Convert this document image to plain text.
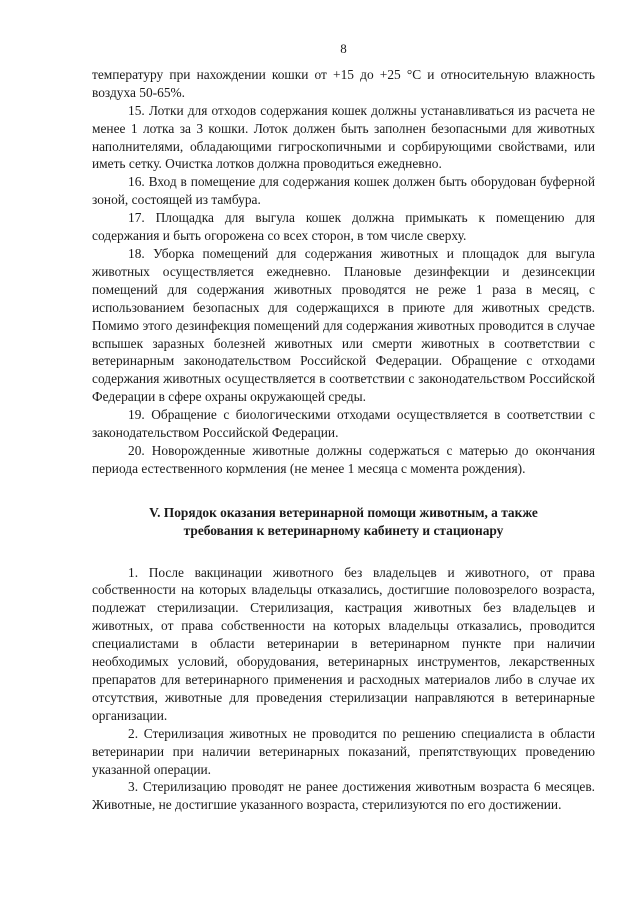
8

температуру при нахождении кошки от +15 до +25 °С и относительную влажность воздуха 50-65%.

15. Лотки для отходов содержания кошек должны устанавливаться из расчета не менее 1 лотка за 3 кошки. Лоток должен быть заполнен безопасными для животных наполнителями, обладающими гигроскопичными и сорбирующими свойствами, или иметь сетку. Очистка лотков должна проводиться ежедневно.

16. Вход в помещение для содержания кошек должен быть оборудован буферной зоной, состоящей из тамбура.

17. Площадка для выгула кошек должна примыкать к помещению для содержания и быть огорожена со всех сторон, в том числе сверху.

18. Уборка помещений для содержания животных и площадок для выгула животных осуществляется ежедневно. Плановые дезинфекции и дезинсекции помещений для содержания животных проводятся не реже 1 раза в месяц, с использованием безопасных для содержащихся в приюте для животных средств. Помимо этого дезинфекция помещений для содержания животных проводится в случае вспышек заразных болезней животных или смерти животных в соответствии с ветеринарным законодательством Российской Федерации. Обращение с отходами содержания животных осуществляется в соответствии с законодательством Российской Федерации в сфере охраны окружающей среды.

19. Обращение с биологическими отходами осуществляется в соответствии с законодательством Российской Федерации.

20. Новорожденные животные должны содержаться с матерью до окончания периода естественного кормления (не менее 1 месяца с момента рождения).

V. Порядок оказания ветеринарной помощи животным, а также
требования к ветеринарному кабинету и стационару

1. После вакцинации животного без владельцев и животного, от права собственности на которых владельцы отказались, достигшие половозрелого возраста, подлежат стерилизации. Стерилизация, кастрация животных без владельцев и животных, от права собственности на которых владельцы отказались, проводится специалистами в области ветеринарии в ветеринарном пункте при наличии необходимых условий, оборудования, ветеринарных инструментов, лекарственных препаратов для ветеринарного применения и расходных материалов либо в случае их отсутствия, животные для проведения стерилизации направляются в ветеринарные организации.

2. Стерилизация животных не проводится по решению специалиста в области ветеринарии при наличии ветеринарных показаний, препятствующих проведению указанной операции.

3. Стерилизацию проводят не ранее достижения животным возраста 6 месяцев. Животные, не достигшие указанного возраста, стерилизуются по его достижении.
